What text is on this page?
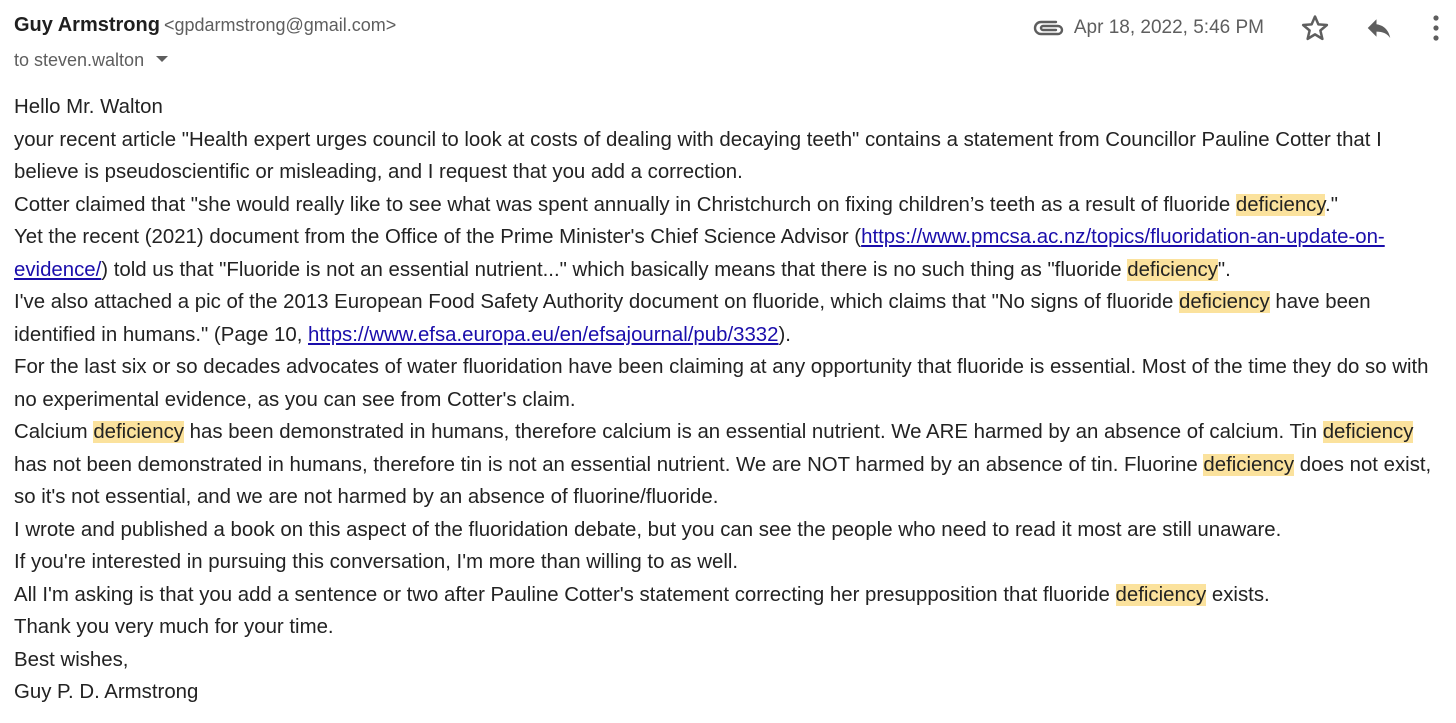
Guy Armstrong <gpdarmstrong@gmail.com>
to steven.walton
Apr 18, 2022, 5:46 PM

Hello Mr. Walton

your recent article "Health expert urges council to look at costs of dealing with decaying teeth" contains a statement from Councillor Pauline Cotter that I believe is pseudoscientific or misleading, and I request that you add a correction.

Cotter claimed that "she would really like to see what was spent annually in Christchurch on fixing children’s teeth as a result of fluoride deficiency."

Yet the recent (2021) document from the Office of the Prime Minister's Chief Science Advisor (https://www.pmcsa.ac.nz/topics/fluoridation-an-update-on-evidence/) told us that "Fluoride is not an essential nutrient..." which basically means that there is no such thing as "fluoride deficiency".

I've also attached a pic of the 2013 European Food Safety Authority document on fluoride, which claims that "No signs of fluoride deficiency have been identified in humans." (Page 10, https://www.efsa.europa.eu/en/efsajournal/pub/3332).

For the last six or so decades advocates of water fluoridation have been claiming at any opportunity that fluoride is essential. Most of the time they do so with no experimental evidence, as you can see from Cotter's claim.

Calcium deficiency has been demonstrated in humans, therefore calcium is an essential nutrient. We ARE harmed by an absence of calcium. Tin deficiency has not been demonstrated in humans, therefore tin is not an essential nutrient. We are NOT harmed by an absence of tin. Fluorine deficiency does not exist, so it's not essential, and we are not harmed by an absence of fluorine/fluoride.

I wrote and published a book on this aspect of the fluoridation debate, but you can see the people who need to read it most are still unaware.

If you're interested in pursuing this conversation, I'm more than willing to as well.

All I'm asking is that you add a sentence or two after Pauline Cotter's statement correcting her presupposition that fluoride deficiency exists.

Thank you very much for your time.

Best wishes,

Guy P. D. Armstrong
